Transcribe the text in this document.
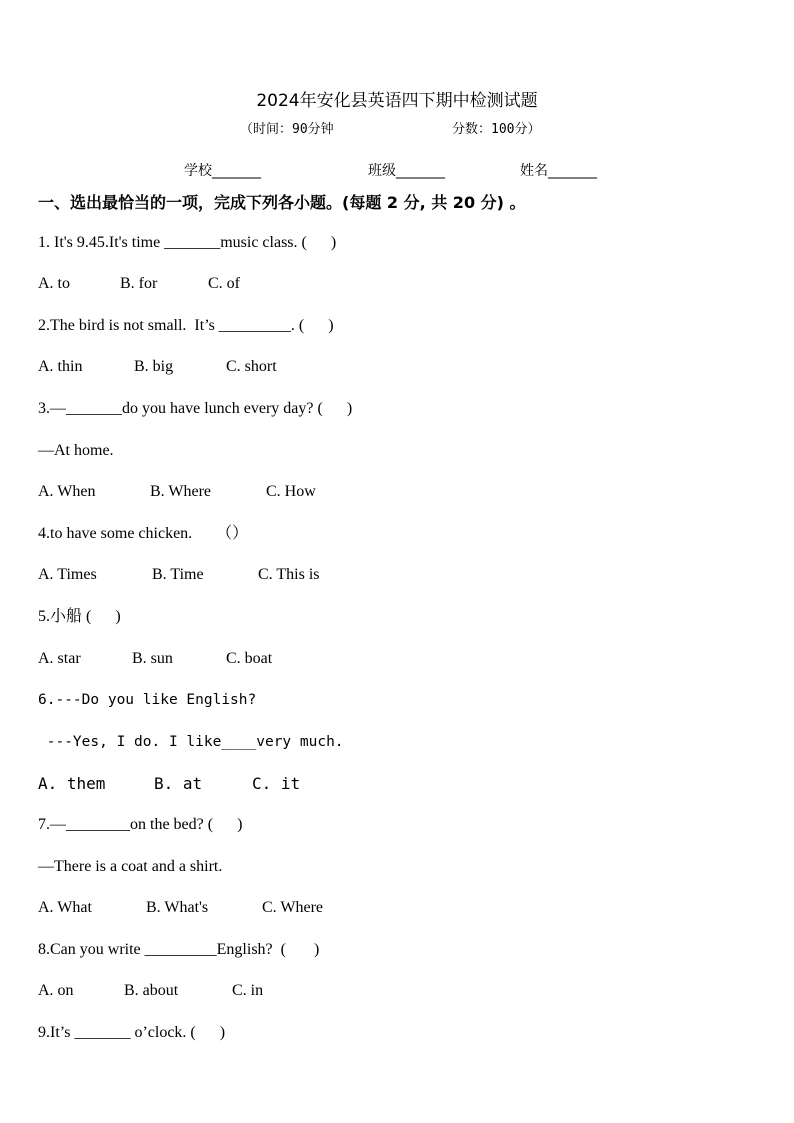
2024年安化县英语四下期中检测试题
（时间：90分钟	分数：100分）
学校_______	班级_______	姓名_______
一、选出最恰当的一项，完成下列各小题。(每题 2 分, 共 20 分) 。
1. It's 9.45.It's time _______music class. (      )
A. to	B. for	C. of
2.The bird is not small.  It’s _________. (      )
A. thin	B. big	C. short
3.—_______do you have lunch every day? (      )
—At home.
A. When	B. Where	C. How
4.to have some chicken.      （）
A. Times	B. Time	C. This is
5.小船 (      )
A. star	B. sun	C. boat
6.---Do you like English?
---Yes, I do. I like____very much.
A. them	B. at	C. it
7.—________on the bed? (      )
—There is a coat and a shirt.
A. What	B. What's	C. Where
8.Can you write _________English?  (       )
A. on	B. about	C. in
9.It’s _______ o’clock. (      )
